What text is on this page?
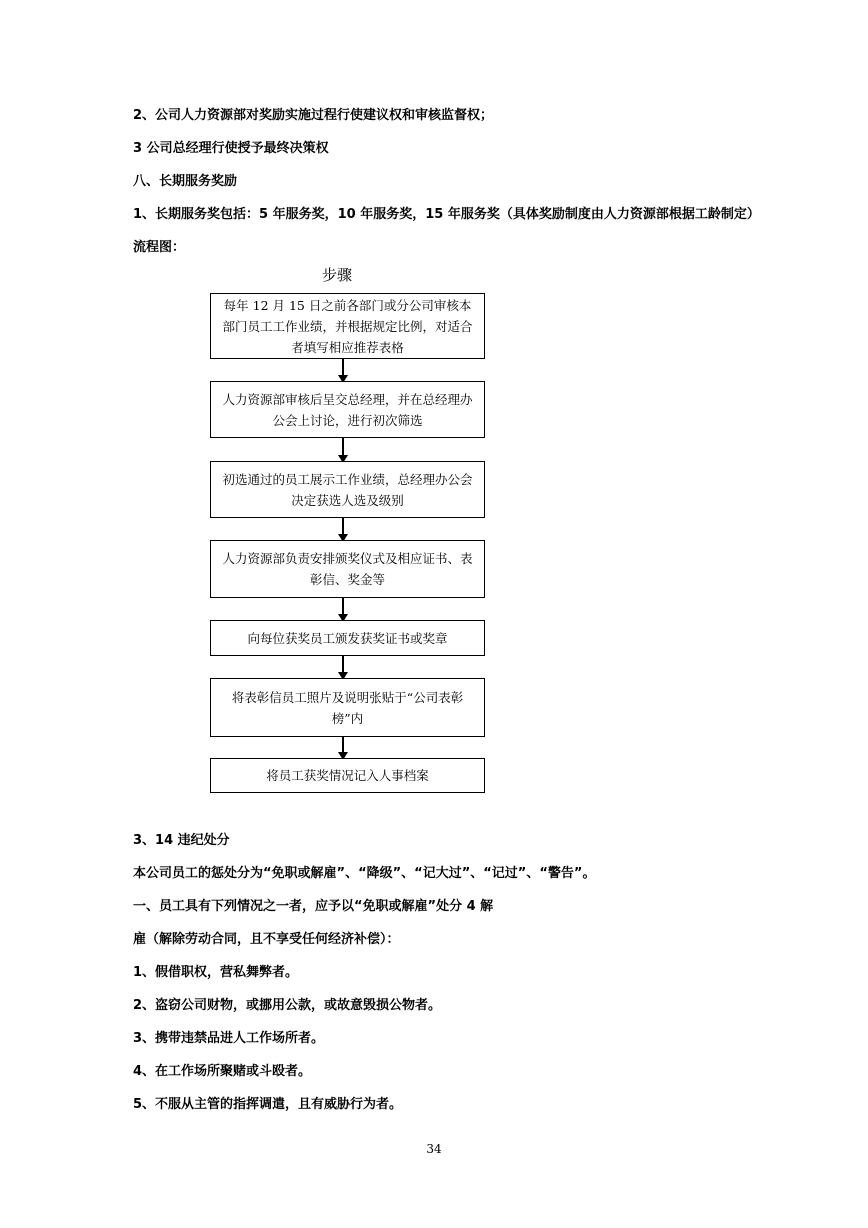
2、公司人力资源部对奖励实施过程行使建议权和审核监督权；
3 公司总经理行使授予最终决策权
八、长期服务奖励
1、长期服务奖包括：5 年服务奖，10 年服务奖，15 年服务奖（具体奖励制度由人力资源部根据工龄制定）
流程图：
步骤
每年 12 月 15 日之前各部门或分公司审核本部门员工工作业绩，并根据规定比例，对适合者填写相应推荐表格
人力资源部审核后呈交总经理，并在总经理办公会上讨论，进行初次筛选
初选通过的员工展示工作业绩，总经理办公会决定获选人选及级别
人力资源部负责安排颁奖仪式及相应证书、表彰信、奖金等
向每位获奖员工颁发获奖证书或奖章
将表彰信员工照片及说明张贴于“公司表彰榜”内
将员工获奖情况记入人事档案
3、14 违纪处分
本公司员工的惩处分为“免职或解雇”、“降级”、“记大过”、“记过”、“警告”。
一、员工具有下列情况之一者，应予以“免职或解雇”处分 4 解
雇（解除劳动合同，且不享受任何经济补偿）：
1、假借职权，营私舞弊者。
2、盗窃公司财物，或挪用公款，或故意毁损公物者。
3、携带违禁品进人工作场所者。
4、在工作场所聚赌或斗殴者。
5、不服从主管的指挥调遣，且有威胁行为者。
34
